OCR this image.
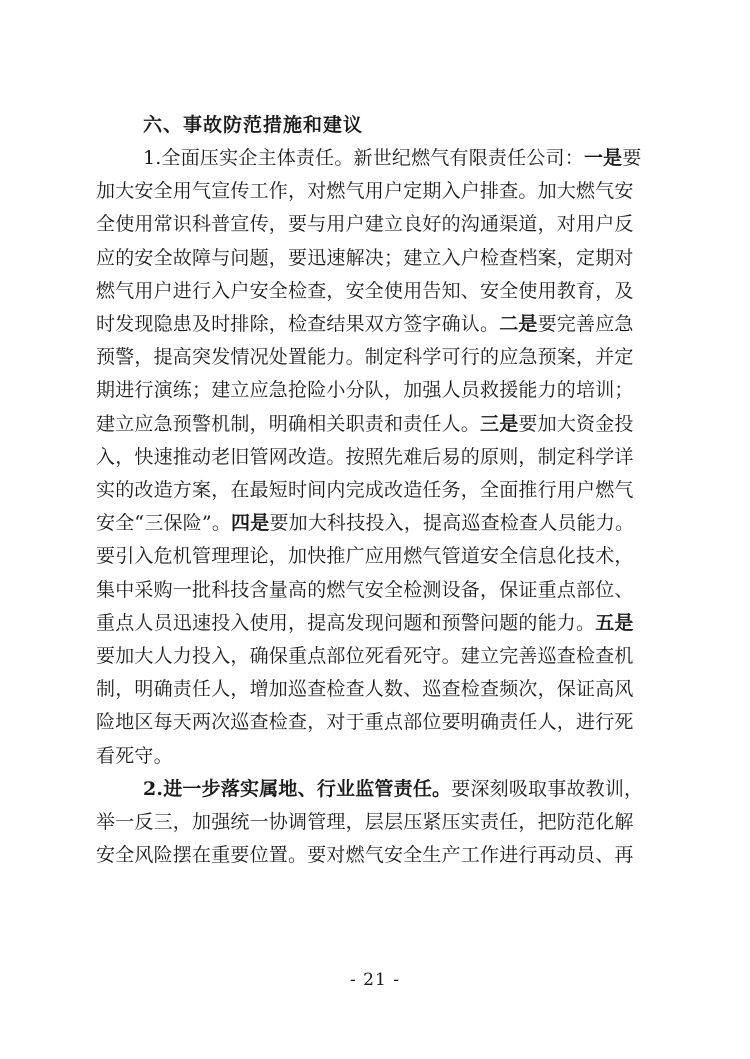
六、事故防范措施和建议
1.全面压实企主体责任。新世纪燃气有限责任公司：一是要
加大安全用气宣传工作，对燃气用户定期入户排查。加大燃气安
全使用常识科普宣传，要与用户建立良好的沟通渠道，对用户反
应的安全故障与问题，要迅速解决；建立入户检查档案，定期对
燃气用户进行入户安全检查，安全使用告知、安全使用教育，及
时发现隐患及时排除，检查结果双方签字确认。二是要完善应急
预警，提高突发情况处置能力。制定科学可行的应急预案，并定
期进行演练；建立应急抢险小分队，加强人员救援能力的培训；
建立应急预警机制，明确相关职责和责任人。三是要加大资金投
入，快速推动老旧管网改造。按照先难后易的原则，制定科学详
实的改造方案，在最短时间内完成改造任务，全面推行用户燃气
安全“三保险”。四是要加大科技投入，提高巡查检查人员能力。
要引入危机管理理论，加快推广应用燃气管道安全信息化技术，
集中采购一批科技含量高的燃气安全检测设备，保证重点部位、
重点人员迅速投入使用，提高发现问题和预警问题的能力。五是
要加大人力投入，确保重点部位死看死守。建立完善巡查检查机
制，明确责任人，增加巡查检查人数、巡查检查频次，保证高风
险地区每天两次巡查检查，对于重点部位要明确责任人，进行死
看死守。
2.进一步落实属地、行业监管责任。要深刻吸取事故教训，
举一反三，加强统一协调管理，层层压紧压实责任，把防范化解
安全风险摆在重要位置。要对燃气安全生产工作进行再动员、再
- 21 -
